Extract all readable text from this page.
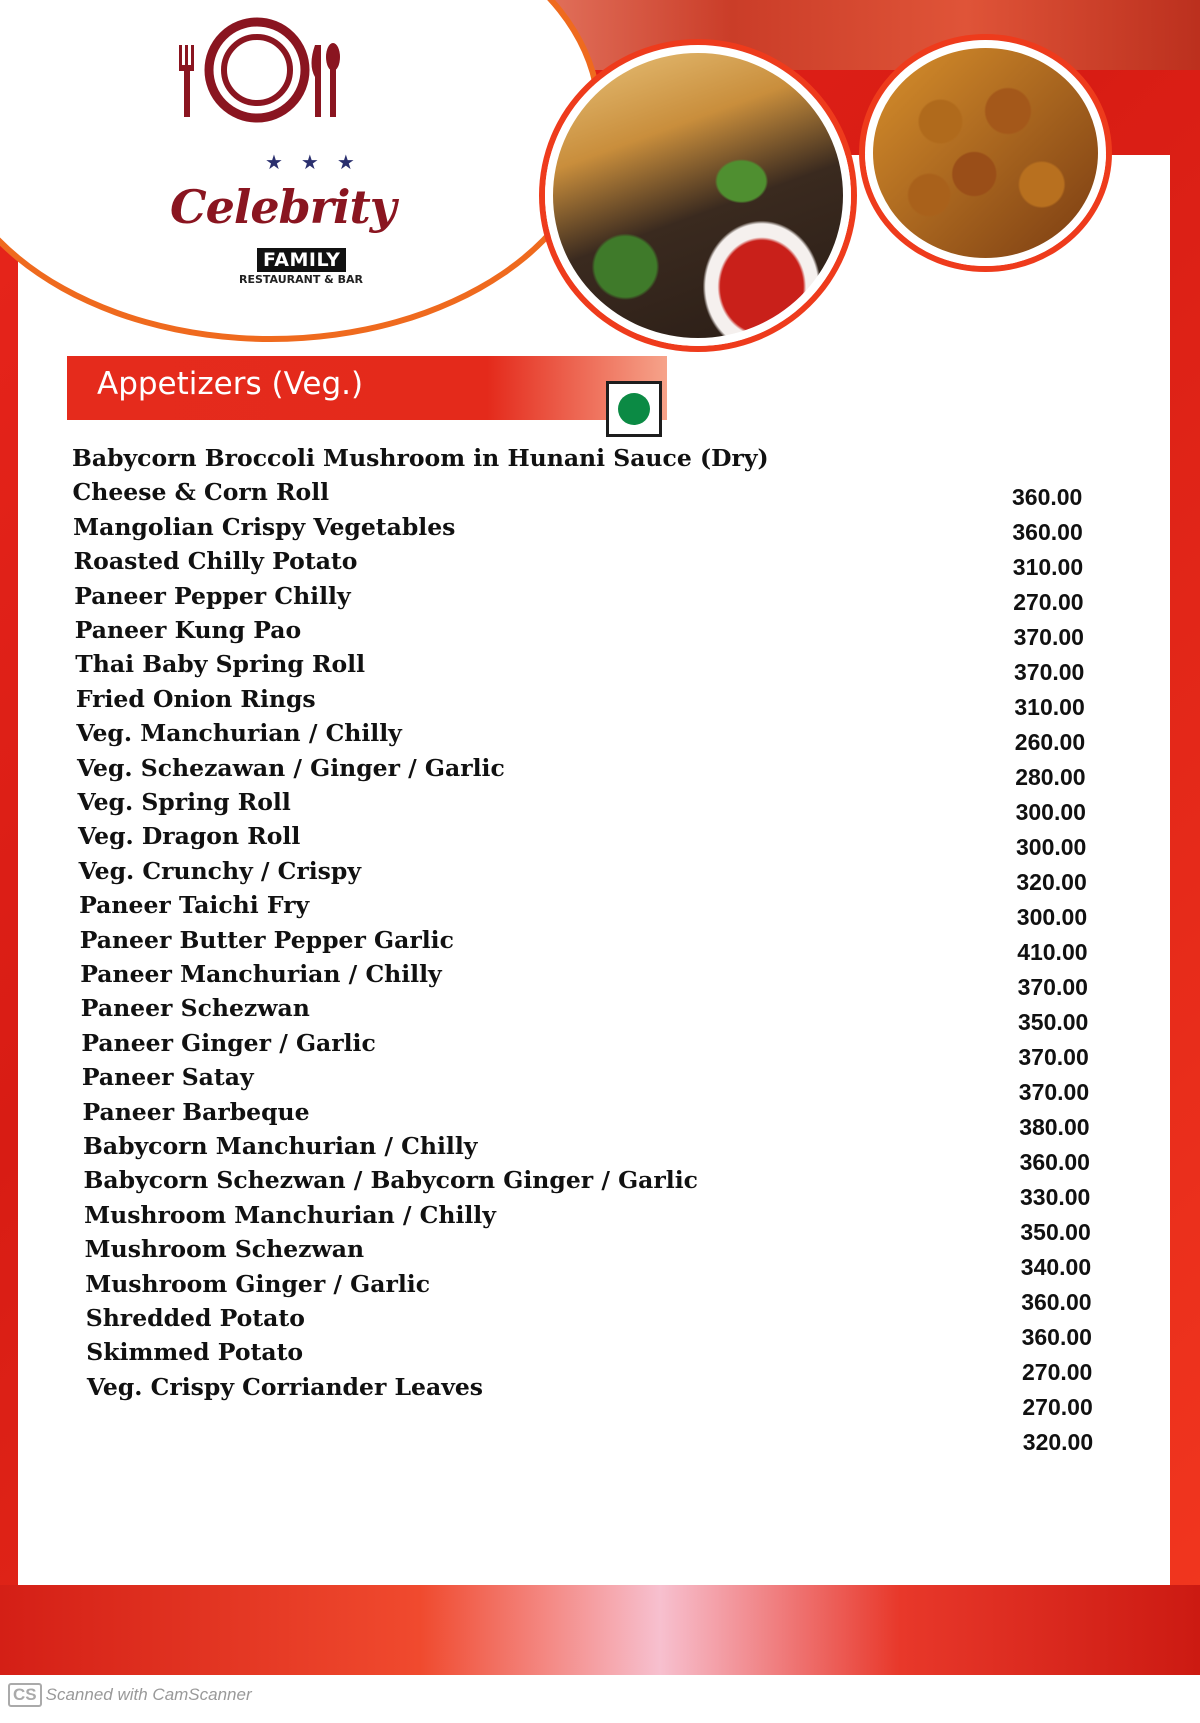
★★★
Celebrity
FAMILY
RESTAURANT & BAR
Appetizers (Veg.)
Babycorn Broccoli Mushroom in Hunani Sauce (Dry)
360.00
Cheese & Corn Roll
360.00
Mangolian Crispy Vegetables
310.00
Roasted Chilly Potato
270.00
Paneer Pepper Chilly
370.00
Paneer Kung Pao
370.00
Thai Baby Spring Roll
310.00
Fried Onion Rings
260.00
Veg. Manchurian / Chilly
280.00
Veg. Schezawan / Ginger / Garlic
300.00
Veg. Spring Roll
300.00
Veg. Dragon Roll
320.00
Veg. Crunchy / Crispy
300.00
Paneer Taichi Fry
410.00
Paneer Butter Pepper Garlic
370.00
Paneer Manchurian / Chilly
350.00
Paneer Schezwan
370.00
Paneer Ginger / Garlic
370.00
Paneer Satay
380.00
Paneer Barbeque
360.00
Babycorn Manchurian / Chilly
330.00
Babycorn Schezwan / Babycorn Ginger / Garlic
350.00
Mushroom Manchurian / Chilly
340.00
Mushroom Schezwan
360.00
Mushroom Ginger / Garlic
360.00
Shredded Potato
270.00
Skimmed Potato
270.00
Veg. Crispy Corriander Leaves
320.00
CS Scanned with CamScanner
